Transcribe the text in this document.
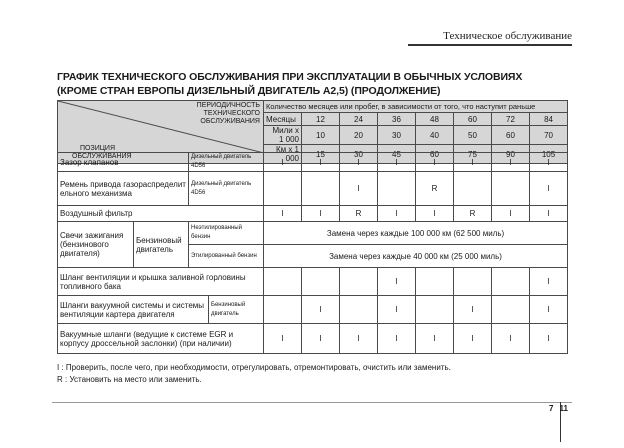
Техническое обслуживание
ГРАФИК ТЕХНИЧЕСКОГО ОБСЛУЖИВАНИЯ ПРИ ЭКСПЛУАТАЦИИ В ОБЫЧНЫХ УСЛОВИЯХ
(КРОМЕ СТРАН ЕВРОПЫ ДИЗЕЛЬНЫЙ ДВИГАТЕЛЬ А2,5) (ПРОДОЛЖЕНИЕ)
ПЕРИОДИЧНОСТЬ
ТЕХНИЧЕСКОГО
ОБСЛУЖИВАНИЯ
ПОЗИЦИЯ
ОБСЛУЖИВАНИЯ	Количество месяцев или пробег, в зависимости от того, что наступит раньше								
	Месяцы	12	24	36	48	60	72	84	
	Мили х 1 000	10	20	30	40	50	60	70	
	Км х 1 000	15	30	45	60	75	90	105	
Зазор клапанов		Дизельный двигатель 4D56		I	I	I	I	I	I	I	I
Ремень привода газораспределит ельного механизма		Дизельный двигатель 4D56				I		R			I
Воздушный фильтр				I	I	R	I	I	R	I	I
Свечи зажигания (бензинового двигателя)	Бензиновый двигатель	Неэтилированный бензин		Замена через каждые 100 000 км (62 500 миль)							
		Этилированный бензин		Замена через каждые 40 000 км (25 000 миль)							
Шланг вентиляции и крышка заливной горловины топливного бака							I				I
Шланги вакуумной системы и системы вентиляции картера двигателя			Бензиновый двигатель		I		I		I		I
Вакуумные шланги (ведущие к системе EGR и корпусу дроссельной заслонки) (при наличии)				I	I	I	I	I	I	I	I
I : Проверить, после чего, при необходимости, отрегулировать, отремонтировать, очистить или заменить.
R : Установить на место или заменить.
7 11
